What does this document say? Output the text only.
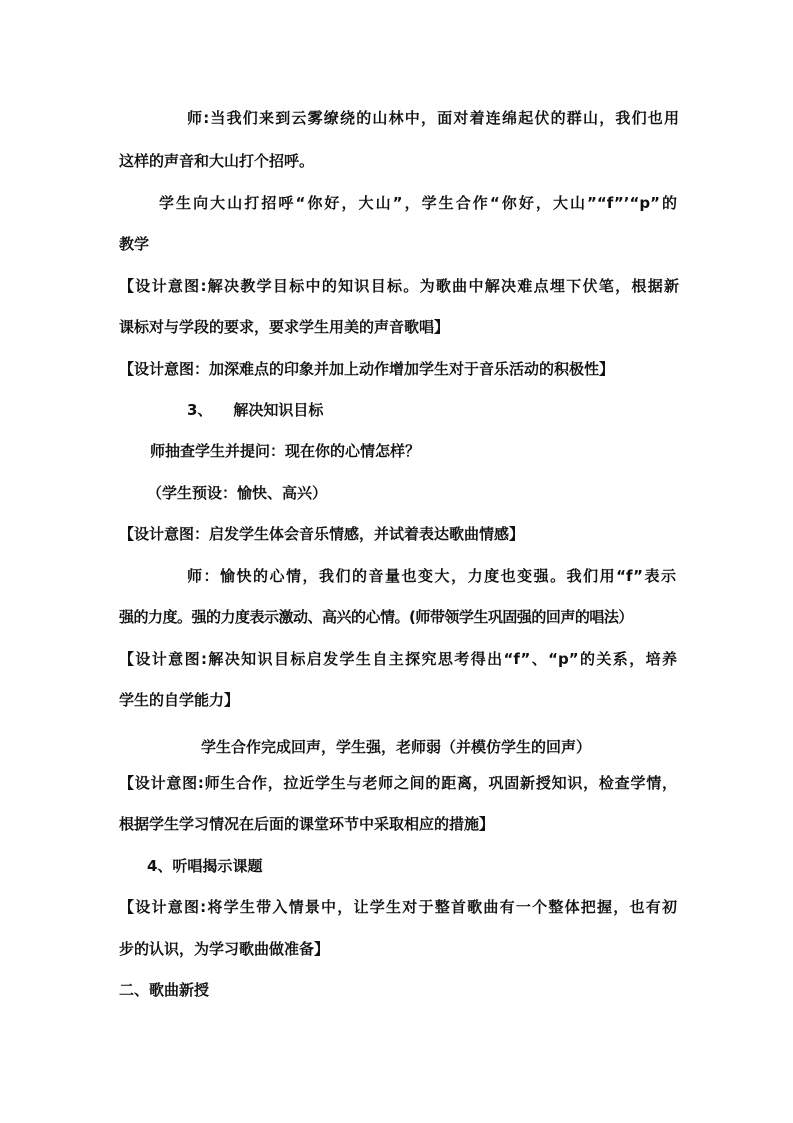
师:当我们来到云雾缭绕的山林中，面对着连绵起伏的群山，我们也用
这样的声音和大山打个招呼。
学生向大山打招呼“你好，大山”，学生合作“你好，大山”“f”’“p”的
教学
【设计意图:解决教学目标中的知识目标。为歌曲中解决难点埋下伏笔，根据新
课标对与学段的要求，要求学生用美的声音歌唱】
【设计意图：加深难点的印象并加上动作增加学生对于音乐活动的积极性】
3、    解决知识目标
师抽查学生并提问：现在你的心情怎样？
（学生预设：愉快、高兴）
【设计意图：启发学生体会音乐情感，并试着表达歌曲情感】
师：愉快的心情，我们的音量也变大，力度也变强。我们用“f”表示
强的力度。强的力度表示激动、高兴的心情。(师带领学生巩固强的回声的唱法）
【设计意图:解决知识目标启发学生自主探究思考得出“f”、“p”的关系，培养
学生的自学能力】
学生合作完成回声，学生强，老师弱（并模仿学生的回声）
【设计意图:师生合作，拉近学生与老师之间的距离，巩固新授知识，检查学情，
根据学生学习情况在后面的课堂环节中采取相应的措施】
4、听唱揭示课题
【设计意图:将学生带入情景中，让学生对于整首歌曲有一个整体把握，也有初
步的认识，为学习歌曲做准备】
二、歌曲新授
